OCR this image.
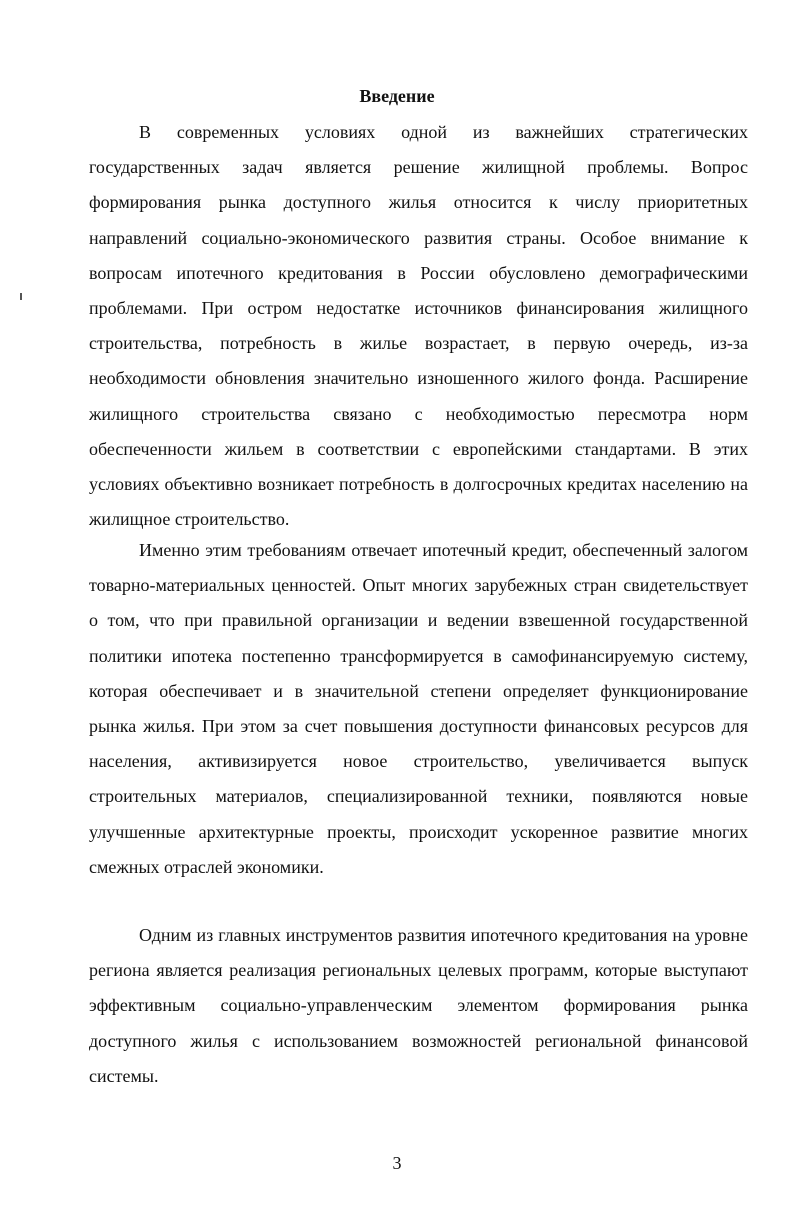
Введение

В современных условиях одной из важнейших стратегических государственных задач является решение жилищной проблемы. Вопрос формирования рынка доступного жилья относится к числу приоритетных направлений социально-экономического развития страны. Особое внимание к вопросам ипотечного кредитования в России обусловлено демографическими проблемами. При остром недостатке источников финансирования жилищного строительства, потребность в жилье возрастает, в первую очередь, из-за необходимости обновления значительно изношенного жилого фонда. Расширение жилищного строительства связано с необходимостью пересмотра норм обеспеченности жильем в соответствии с европейскими стандартами. В этих условиях объективно возникает потребность в долгосрочных кредитах населению на жилищное строительство.

Именно этим требованиям отвечает ипотечный кредит, обеспеченный залогом товарно-материальных ценностей. Опыт многих зарубежных стран свидетельствует о том, что при правильной организации и ведении взвешенной государственной политики ипотека постепенно трансформируется в самофинансируемую систему, которая обеспечивает и в значительной степени определяет функционирование рынка жилья. При этом за счет повышения доступности финансовых ресурсов для населения, активизируется новое строительство, увеличивается выпуск строительных материалов, специализированной техники, появляются новые улучшенные архитектурные проекты, происходит ускоренное развитие многих смежных отраслей экономики.

Одним из главных инструментов развития ипотечного кредитования на уровне региона является реализация региональных целевых программ, которые выступают эффективным социально-управленческим элементом формирования рынка доступного жилья с использованием возможностей региональной финансовой системы.

3
